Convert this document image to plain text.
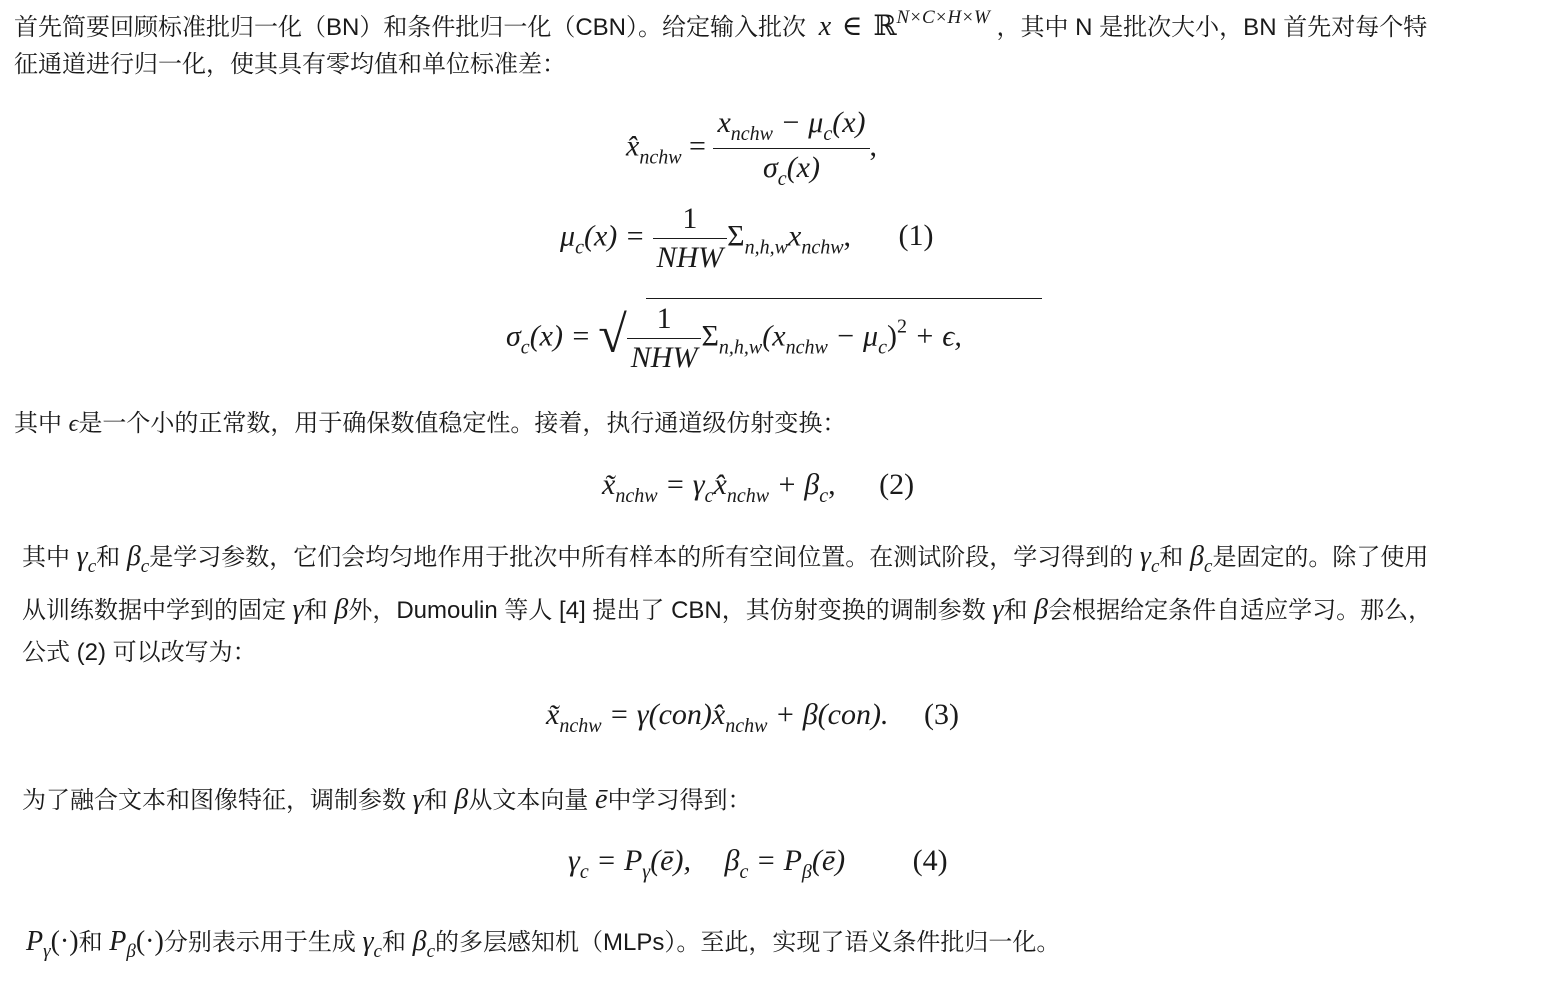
首先简要回顾标准批归一化（BN）和条件批归一化（CBN）。给定输入批次 x ∈ ℝ$^{N\times C\times H\times W}$ ，其中 N 是批次大小，BN 首先对每个特
征通道进行归一化，使其具有零均值和单位标准差：
$x̂_{nchw} = \frac{x_{nchw} - \mu_c(x)}{\sigma_c(x)}$ ,
$\mu_c(x) = \frac{1}{\text{NHW}} \Sigma_{n,h,w}x_{nchw}$, (1)
$\sigma_c(x)$ = √ $\frac{1}{\text{NHW}} \Sigma_{n,h,w}(x_{nchw} - \mu_c)^2 + \epsilon$,
其中 ϵ是一个小的正常数，用于确保数值稳定性。接着，执行通道级仿射变换：
$x̃_{nchw}$ = $\gamma_cx̂_{nchw} + \beta_c$, (2)
其中 $\gamma_c$和 $\beta_c$是学习参数，它们会均匀地作用于批次中所有样本的所有空间位置。在测试阶段，学习得到的 $\gamma_c$和 $\beta_c$是固定的。除了使用
从训练数据中学到的固定 γ和 β外，Dumoulin 等人 [4] 提出了 CBN，其仿射变换的调制参数 γ和 β会根据给定条件自适应学习。那么，
公式 (2) 可以改写为：
$x̃_{nchw}$ = $\gamma(con)x̂_{nchw} + \beta(con)$. (3)
为了融合文本和图像特征，调制参数 γ和 β从文本向量 ē中学习得到：
$\gamma_c$ = $P_\gamma(ē)$, $\beta_c$ = $P_\beta(ē)$ (4)
$P_\gamma(\cdot)$和 $P_\beta(\cdot)$分别表示用于生成 $\gamma_c$和 $\beta_c$的多层感知机（MLPs）。至此，实现了语义条件批归一化。
